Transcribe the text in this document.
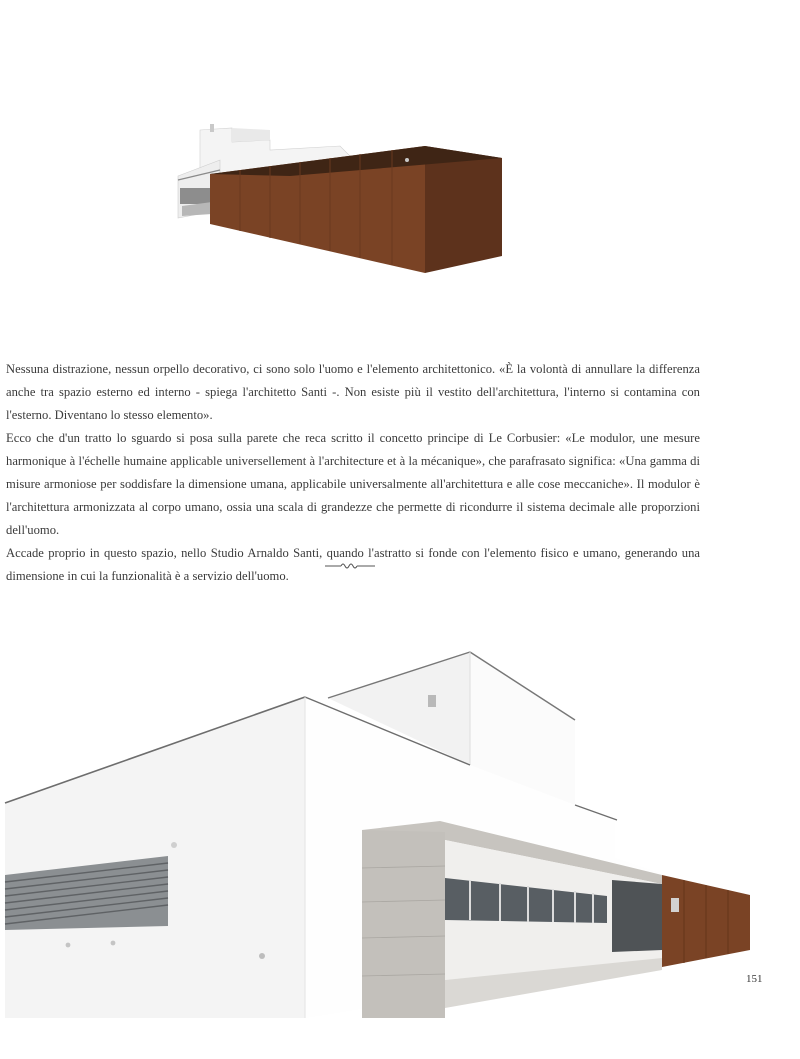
Nessuna distrazione, nessun orpello decorativo, ci sono solo l'uomo e l'elemento architettonico. «È la volontà di annullare la differenza anche tra spazio esterno ed interno - spiega l'architetto Santi -. Non esiste più il vestito dell'architettura, l'interno si contamina con l'esterno. Diventano lo stesso elemento».

Ecco che d'un tratto lo sguardo si posa sulla parete che reca scritto il concetto principe di Le Corbusier: «Le modulor, une mesure harmonique à l'échelle humaine applicable universellement à l'architecture et à la mécanique», che parafrasato significa: «Una gamma di misure armoniose per soddisfare la dimensione umana, applicabile universalmente all'architettura e alle cose meccaniche». Il modulor è l'architettura armonizzata al corpo umano, ossia una scala di grandezze che permette di ricondurre il sistema decimale alle proporzioni dell'uomo.

Accade proprio in questo spazio, nello Studio Arnaldo Santi, quando l'astratto si fonde con l'elemento fisico e umano, generando una dimensione in cui la funzionalità è a servizio dell'uomo.

151
